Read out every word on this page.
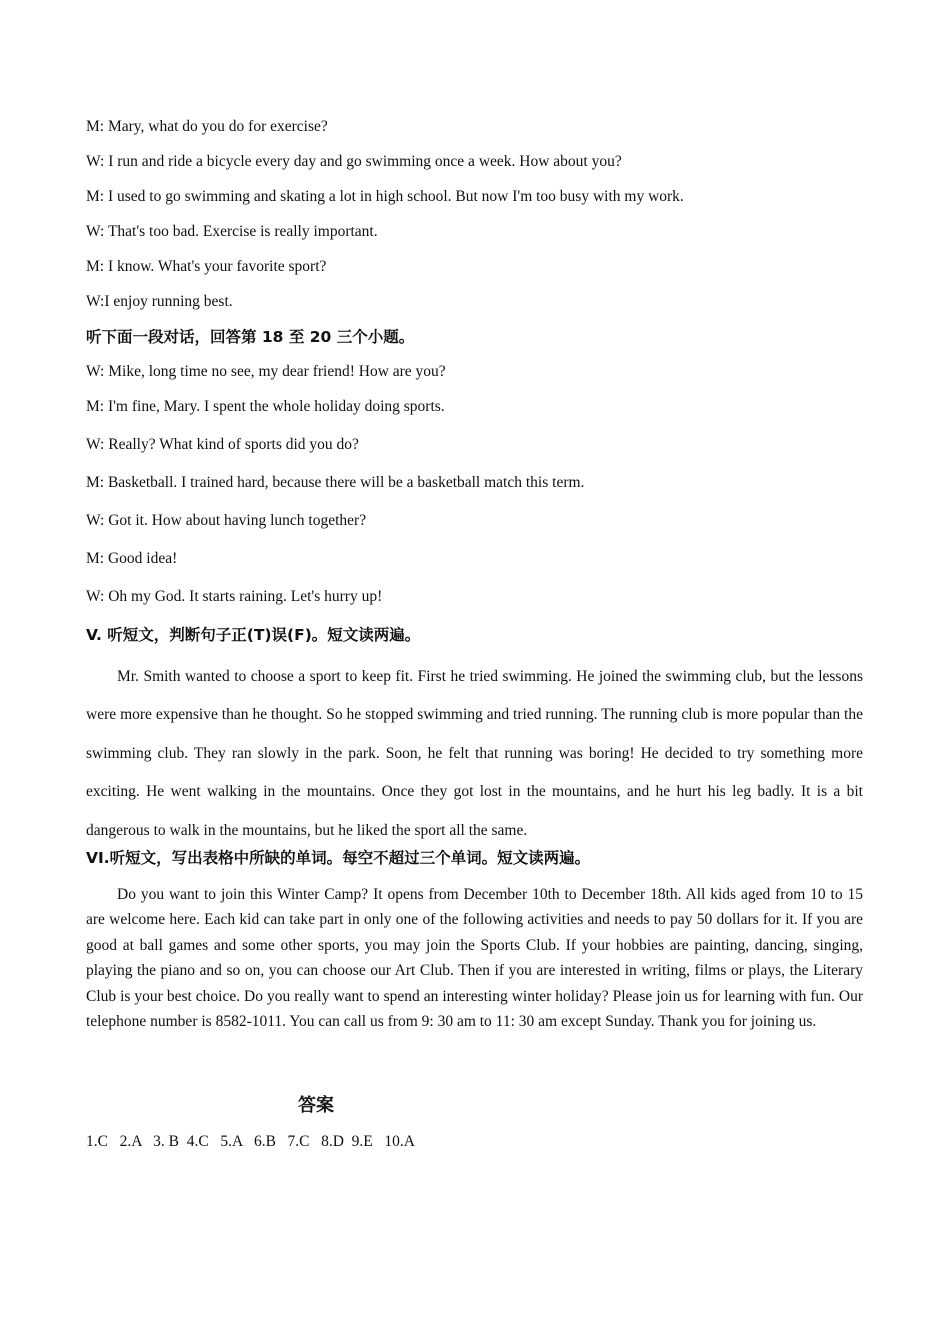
M: Mary, what do you do for exercise?
W: I run and ride a bicycle every day and go swimming once a week. How about you?
M: I used to go swimming and skating a lot in high school. But now I'm too busy with my work.
W: That's too bad. Exercise is really important.
M: I know. What's your favorite sport?
W:I enjoy running best.
听下面一段对话，回答第 18 至 20 三个小题。
W: Mike, long time no see, my dear friend! How are you?
M: I'm fine, Mary. I spent the whole holiday doing sports.
W: Really? What kind of sports did you do?
M: Basketball. I trained hard, because there will be a basketball match this term.
W: Got it. How about having lunch together?
M: Good idea!
W: Oh my God. It starts raining. Let's hurry up!
V. 听短文，判断句子正(T)误(F)。短文读两遍。

Mr. Smith wanted to choose a sport to keep fit. First he tried swimming. He joined the swimming club, but the lessons were more expensive than he thought. So he stopped swimming and tried running. The running club is more popular than the swimming club. They ran slowly in the park. Soon, he felt that running was boring! He decided to try something more exciting. He went walking in the mountains. Once they got lost in the mountains, and he hurt his leg badly. It is a bit dangerous to walk in the mountains, but he liked the sport all the same.

VI.听短文，写出表格中所缺的单词。每空不超过三个单词。短文读两遍。

Do you want to join this Winter Camp? It opens from December 10th to December 18th. All kids aged from 10 to 15 are welcome here. Each kid can take part in only one of the following activities and needs to pay 50 dollars for it. If you are good at ball games and some other sports, you may join the Sports Club. If your hobbies are painting, dancing, singing, playing the piano and so on, you can choose our Art Club. Then if you are interested in writing, films or plays, the Literary Club is your best choice. Do you really want to spend an interesting winter holiday? Please join us for learning with fun. Our telephone number is 8582-1011. You can call us from 9: 30 am to 11: 30 am except Sunday. Thank you for joining us.

答案
1.C   2.A   3. B  4.C   5.A   6.B   7.C   8.D  9.E   10.A
